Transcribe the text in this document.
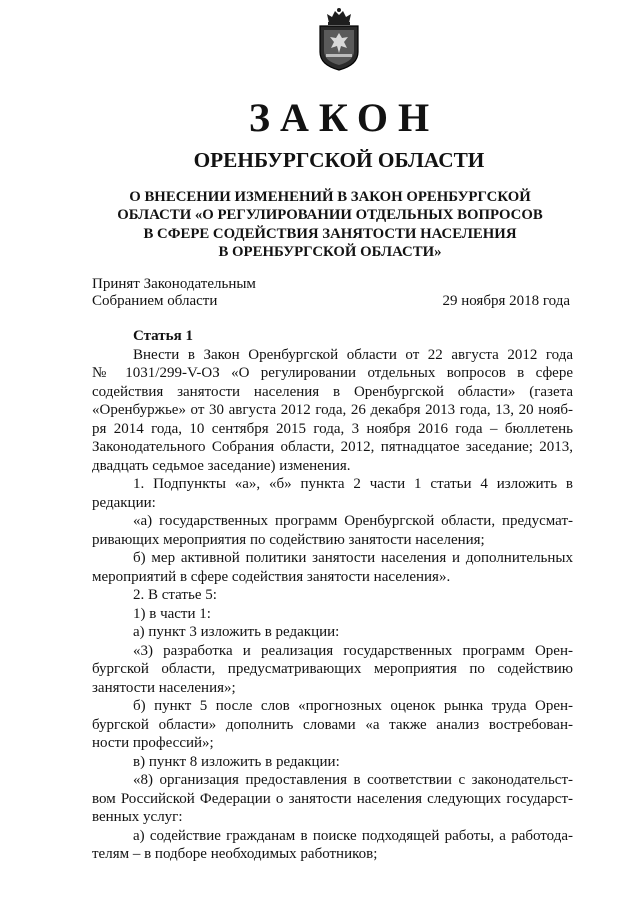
ЗАКОН
ОРЕНБУРГСКОЙ ОБЛАСТИ
О ВНЕСЕНИИ ИЗМЕНЕНИЙ В ЗАКОН ОРЕНБУРГСКОЙ
ОБЛАСТИ «О РЕГУЛИРОВАНИИ ОТДЕЛЬНЫХ ВОПРОСОВ
В СФЕРЕ СОДЕЙСТВИЯ ЗАНЯТОСТИ НАСЕЛЕНИЯ
В ОРЕНБУРГСКОЙ ОБЛАСТИ»
Принят Законодательным
Собранием области	29 ноября 2018 года
Статья 1
Внести в Закон Оренбургской области от 22 августа 2012 года
№ 1031/299-V-ОЗ «О регулировании отдельных вопросов в сфере
содействия занятости населения в Оренбургской области» (газета
«Оренбуржье» от 30 августа 2012 года, 26 декабря 2013 года, 13, 20 нояб-
ря 2014 года, 10 сентября 2015 года, 3 ноября 2016 года – бюллетень
Законодательного Собрания области, 2012, пятнадцатое заседание; 2013,
двадцать седьмое заседание) изменения.
1. Подпункты «а», «б» пункта 2 части 1 статьи 4 изложить в
редакции:
«а) государственных программ Оренбургской области, предусмат-
ривающих мероприятия по содействию занятости населения;
б) мер активной политики занятости населения и дополнительных
мероприятий в сфере содействия занятости населения».
2. В статье 5:
1) в части 1:
а) пункт 3 изложить в редакции:
«3) разработка и реализация государственных программ Орен-
бургской области, предусматривающих мероприятия по содействию
занятости населения»;
б) пункт 5 после слов «прогнозных оценок рынка труда Орен-
бургской области» дополнить словами «а также анализ востребован-
ности профессий»;
в) пункт 8 изложить в редакции:
«8) организация предоставления в соответствии с законодательст-
вом Российской Федерации о занятости населения следующих государст-
венных услуг:
а) содействие гражданам в поиске подходящей работы, а работода-
телям – в подборе необходимых работников;
